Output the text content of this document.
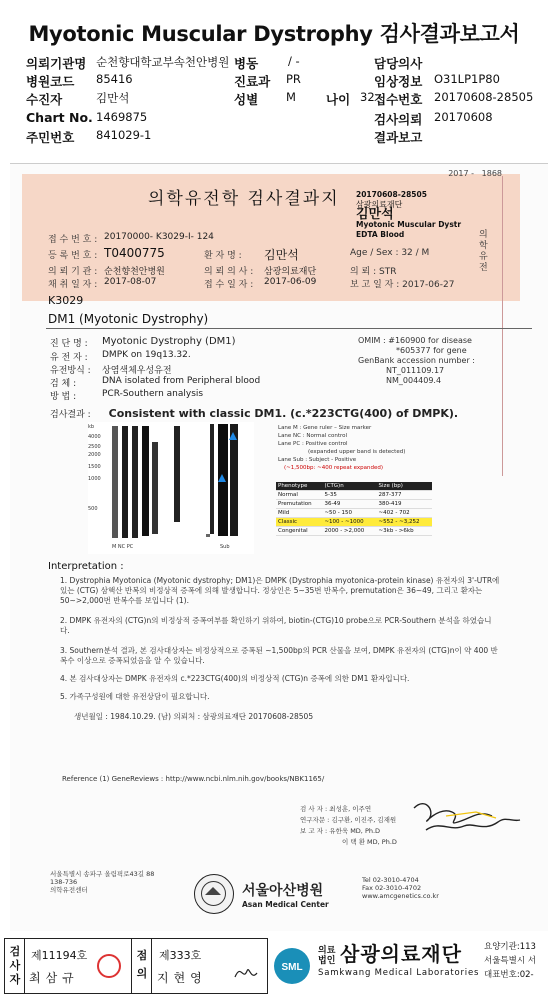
Myotonic Muscular Dystrophy 검사결과보고서
의뢰기관명 순천향대학교부속천안병원 병동	/ -	담당의사
병원코드 85416	진료과 PR	임상정보 O31LP1P80
수진자	김만석	성별 M 나이 32 접수번호 20170608-28505
Chart No. 1469875	검사의뢰 20170608
주민번호 841029-1	결과보고
2017 - 1868
의학유전학 검사결과지 20170608-28505
삼광의료재단
김만석
Myotonic Muscular Dystr
EDTA Blood	의학유전
접 수 번 호 : 20170000- K3029-Ⅰ- 124
등 록 번 호 : T0400775	환 자 명 : 김만석	Age / Sex : 32 / M
의 뢰 기 관 : 순천향천안병원	의 뢰 의 사 : 삼광의료재단	의 뢰 : STR
채 취 일 자 : 2017-08-07	접 수 일 자 : 2017-06-09	보 고 일 자 : 2017-06-27
K3029
DM1 (Myotonic Dystrophy)
진 단 명 : Myotonic Dystrophy (DM1)
유 전 자 : DMPK on 19q13.32.
유전방식 : 상염색체우성유전
검 체 :	DNA isolated from Peripheral blood
방 법 :	PCR-Southern analysis
OMIM : #160900 for disease
*605377 for gene
GenBank accession number :
NT_011109.17
NM_004409.4
검사결과 : Consistent with classic DM1. (c.*223CTG(400) of DMPK).
kb
4000
2500
2000
1500
1000
500
M NC PC	Sub
Lane M : Gene ruler – Size marker
Lane NC : Normal control
Lane PC : Positive control
(expanded upper band is detected)
Lane Sub : Subject - Positive
(~1,500bp: ~400 repeat expanded)
Phenotype	(CTG)n	Size (bp)
Normal	5-35	287-377
Premutation	36-49	380-419
Mild	~50 - 150	~402 - 702
Classic	~100 - ~1000	~552 - ~3,252
Congenital	2000 - >2,000	~3kb - >6kb
Interpretation :
1. Dystrophia Myotonica (Myotonic dystrophy; DM1)은 DMPK (Dystrophia myotonica-protein kinase) 유전자의 3'-UTR에 있는 (CTG) 삼핵산 반복의 비정상적 증폭에 의해 발생합니다. 정상인은 5~35번 반복수, premutation은 36~49, 그리고 환자는 50~>2,000번 반복수를 보입니다 (1).
2. DMPK 유전자의 (CTG)n의 비정상적 증폭여부를 확인하기 위하여, biotin-(CTG)10 probe으로 PCR-Southern 분석을 하였습니다.
3. Southern분석 결과, 본 검사대상자는 비정상적으로 증폭된 ~1,500bp의 PCR 산물을 보여, DMPK 유전자의 (CTG)n이 약 400 반복수 이상으로 증폭되었음을 알 수 있습니다.
4. 본 검사대상자는 DMPK 유전자의 c.*223CTG(400)의 비정상적 (CTG)n 증폭에 의한 DM1 환자입니다.
5. 가족구성원에 대한 유전상담이 필요합니다.
생년월일 : 1984.10.29. (남) 의뢰처 : 삼광의료재단 20170608-28505
Reference (1) GeneReviews : http://www.ncbi.nlm.nih.gov/books/NBK1165/
검 사 자 : 최성훈, 이주연
연구자문 : 김구환, 이진주, 김재원
보 고 자 : 유한욱 MD, Ph.D
이 택 환 MD, Ph.D
서울특별시 송파구 올림픽로43길 88
138-736
의학유전센터	서울아산병원
Asan Medical Center
Tel 02-3010-4704
Fax 02-3010-4702
www.amcgenetics.co.kr
검
사
자
제11194호
최삼규
점
의
제333호
지현영
SML
의료
법인 삼광의료재단
Samkwang Medical Laboratories
요양기관:113
서울특별시 서
대표번호:02-
